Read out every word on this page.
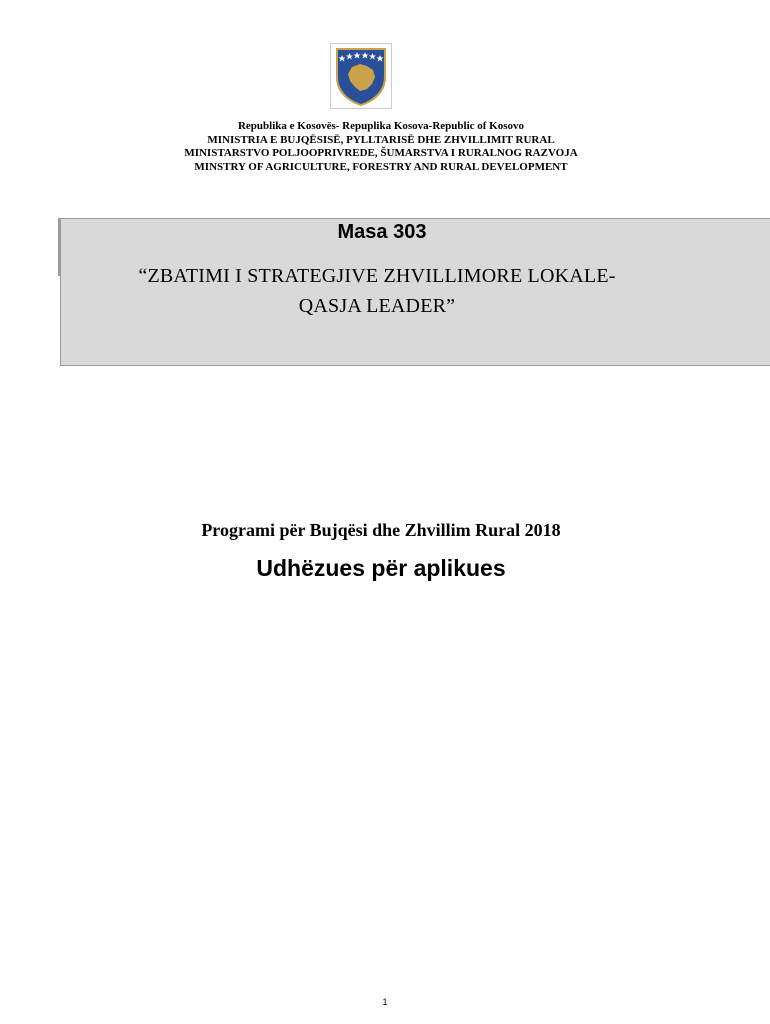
Republika e Kosovës- Repuplika Kosova-Republic of Kosovo
MINISTRIA E BUJQËSISË, PYLLTARISË DHE ZHVILLIMIT RURAL
MINISTARSTVO POLJOOPRIVREDE, ŠUMARSTVA I RURALNOG RAZVOJA
MINSTRY OF AGRICULTURE, FORESTRY AND RURAL DEVELOPMENT
Masa 303
“ZBATIMI I STRATEGJIVE ZHVILLIMORE LOKALE-
QASJA LEADER”
Programi për Bujqësi dhe Zhvillim Rural 2018
Udhëzues për aplikues
1
